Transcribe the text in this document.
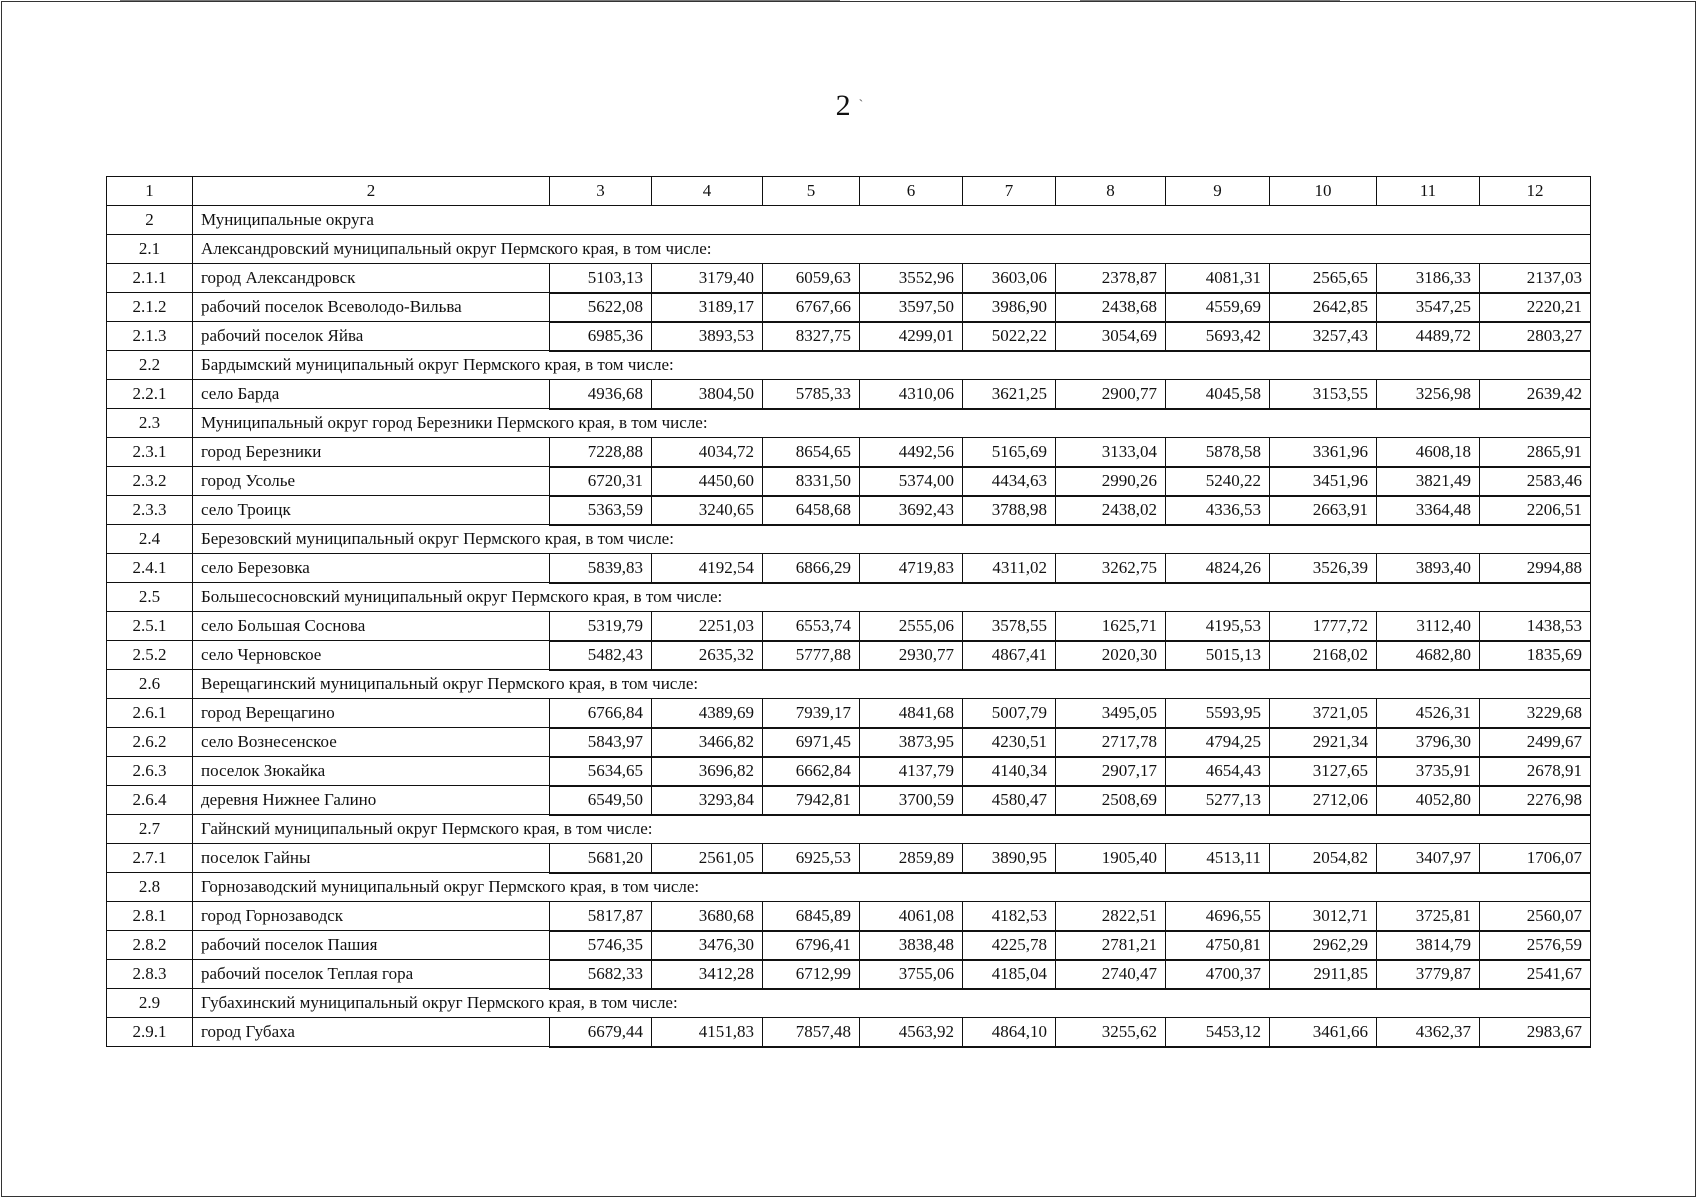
2 `
1	2	3	4	5	6	7	8	9	10	11	12
2	Муниципальные округа										
2.1	Александровский муниципальный округ Пермского края, в том числе:										
2.1.1	город Александровск	5103,13	3179,40	6059,63	3552,96	3603,06	2378,87	4081,31	2565,65	3186,33	2137,03
2.1.2	рабочий поселок Всеволодо-Вильва	5622,08	3189,17	6767,66	3597,50	3986,90	2438,68	4559,69	2642,85	3547,25	2220,21
2.1.3	рабочий поселок Яйва	6985,36	3893,53	8327,75	4299,01	5022,22	3054,69	5693,42	3257,43	4489,72	2803,27
2.2	Бардымский муниципальный округ Пермского края, в том числе:										
2.2.1	село Барда	4936,68	3804,50	5785,33	4310,06	3621,25	2900,77	4045,58	3153,55	3256,98	2639,42
2.3	Муниципальный округ город Березники Пермского края, в том числе:										
2.3.1	город Березники	7228,88	4034,72	8654,65	4492,56	5165,69	3133,04	5878,58	3361,96	4608,18	2865,91
2.3.2	город Усолье	6720,31	4450,60	8331,50	5374,00	4434,63	2990,26	5240,22	3451,96	3821,49	2583,46
2.3.3	село Троицк	5363,59	3240,65	6458,68	3692,43	3788,98	2438,02	4336,53	2663,91	3364,48	2206,51
2.4	Березовский муниципальный округ Пермского края, в том числе:										
2.4.1	село Березовка	5839,83	4192,54	6866,29	4719,83	4311,02	3262,75	4824,26	3526,39	3893,40	2994,88
2.5	Большесосновский муниципальный округ Пермского края, в том числе:										
2.5.1	село Большая Соснова	5319,79	2251,03	6553,74	2555,06	3578,55	1625,71	4195,53	1777,72	3112,40	1438,53
2.5.2	село Черновское	5482,43	2635,32	5777,88	2930,77	4867,41	2020,30	5015,13	2168,02	4682,80	1835,69
2.6	Верещагинский муниципальный округ Пермского края, в том числе:										
2.6.1	город Верещагино	6766,84	4389,69	7939,17	4841,68	5007,79	3495,05	5593,95	3721,05	4526,31	3229,68
2.6.2	село Вознесенское	5843,97	3466,82	6971,45	3873,95	4230,51	2717,78	4794,25	2921,34	3796,30	2499,67
2.6.3	поселок Зюкайка	5634,65	3696,82	6662,84	4137,79	4140,34	2907,17	4654,43	3127,65	3735,91	2678,91
2.6.4	деревня Нижнее Галино	6549,50	3293,84	7942,81	3700,59	4580,47	2508,69	5277,13	2712,06	4052,80	2276,98
2.7	Гайнский муниципальный округ Пермского края, в том числе:										
2.7.1	поселок Гайны	5681,20	2561,05	6925,53	2859,89	3890,95	1905,40	4513,11	2054,82	3407,97	1706,07
2.8	Горнозаводский муниципальный округ Пермского края, в том числе:										
2.8.1	город Горнозаводск	5817,87	3680,68	6845,89	4061,08	4182,53	2822,51	4696,55	3012,71	3725,81	2560,07
2.8.2	рабочий поселок Пашия	5746,35	3476,30	6796,41	3838,48	4225,78	2781,21	4750,81	2962,29	3814,79	2576,59
2.8.3	рабочий поселок Теплая гора	5682,33	3412,28	6712,99	3755,06	4185,04	2740,47	4700,37	2911,85	3779,87	2541,67
2.9	Губахинский муниципальный округ Пермского края, в том числе:										
2.9.1	город Губаха	6679,44	4151,83	7857,48	4563,92	4864,10	3255,62	5453,12	3461,66	4362,37	2983,67
